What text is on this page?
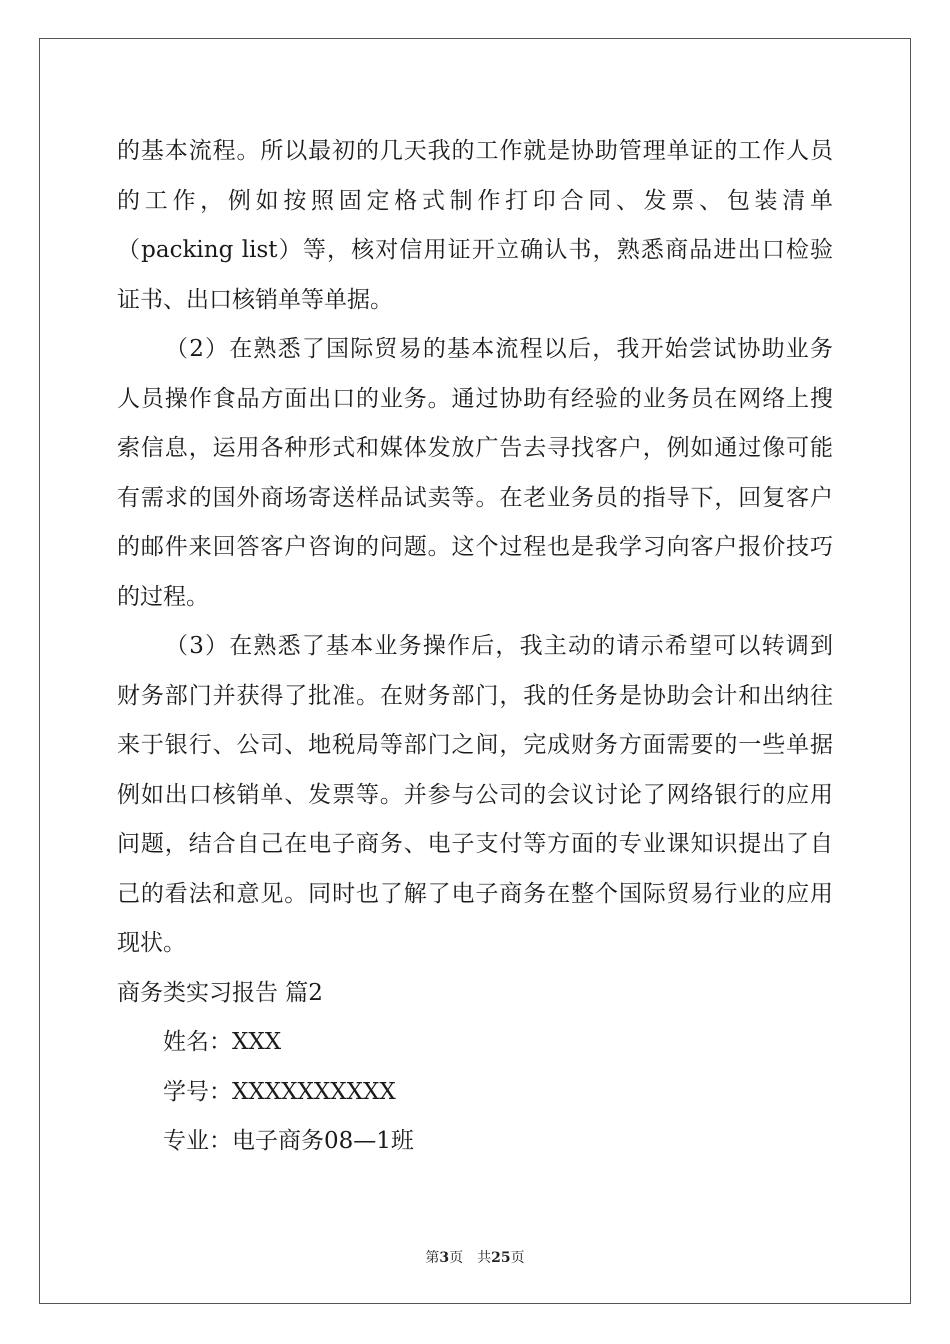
的基本流程。所以最初的几天我的工作就是协助管理单证的工作人员
的工作，例如按照固定格式制作打印合同、发票、包装清单
（packing list）等，核对信用证开立确认书，熟悉商品进出口检验
证书、出口核销单等单据。
（2）在熟悉了国际贸易的基本流程以后，我开始尝试协助业务
人员操作食品方面出口的业务。通过协助有经验的业务员在网络上搜
索信息，运用各种形式和媒体发放广告去寻找客户，例如通过像可能
有需求的国外商场寄送样品试卖等。在老业务员的指导下，回复客户
的邮件来回答客户咨询的问题。这个过程也是我学习向客户报价技巧
的过程。
（3）在熟悉了基本业务操作后，我主动的请示希望可以转调到
财务部门并获得了批准。在财务部门，我的任务是协助会计和出纳往
来于银行、公司、地税局等部门之间，完成财务方面需要的一些单据
例如出口核销单、发票等。并参与公司的会议讨论了网络银行的应用
问题，结合自己在电子商务、电子支付等方面的专业课知识提出了自
己的看法和意见。同时也了解了电子商务在整个国际贸易行业的应用
现状。
商务类实习报告 篇2
姓名：XXX
学号：XXXXXXXXXX
专业：电子商务08—1班
第3页　共25页
